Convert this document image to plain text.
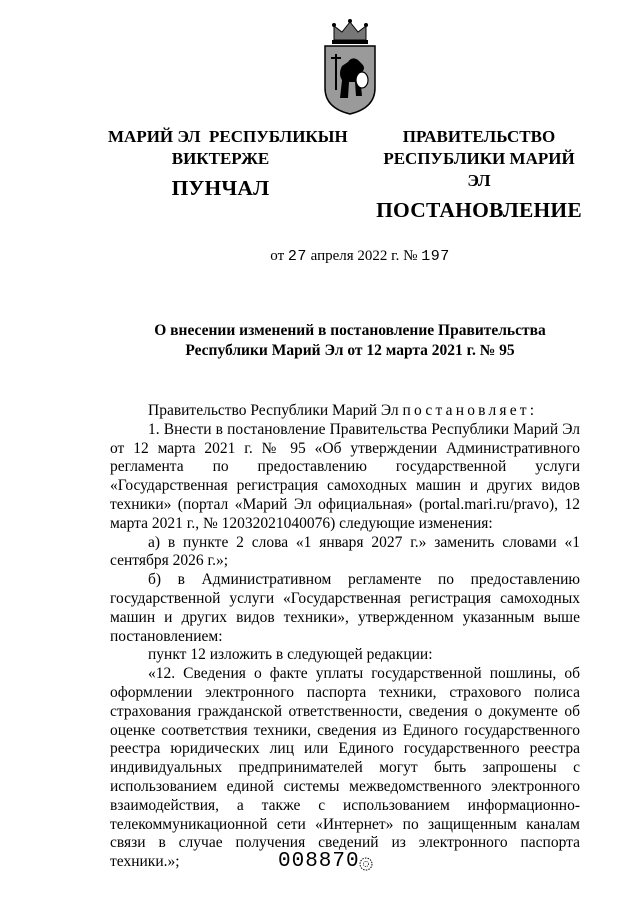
МАРИЙ ЭЛ  РЕСПУБЛИКЫН
ВИКТЕРЖЕ
ПУНЧАЛ
ПРАВИТЕЛЬСТВО
РЕСПУБЛИКИ МАРИЙ ЭЛ
ПОСТАНОВЛЕНИЕ
от 27 апреля 2022 г. № 197
О внесении изменений в постановление Правительства
Республики Марий Эл от 12 марта 2021 г. № 95

Правительство Республики Марий Эл постановляет:

1. Внести в постановление Правительства Республики Марий Эл от 12 марта 2021 г. № 95 «Об утверждении Административного регламента по предоставлению государственной услуги «Государственная регистрация самоходных машин и других видов техники» (портал «Марий Эл официальная» (portal.mari.ru/pravo), 12 марта 2021 г., № 12032021040076) следующие изменения:

а) в пункте 2 слова «1 января 2027 г.» заменить словами «1 сентября 2026 г.»;

б) в Административном регламенте по предоставлению государственной услуги «Государственная регистрация самоходных машин и других видов техники», утвержденном указанным выше постановлением:

пункт 12 изложить в следующей редакции:

«12. Сведения о факте уплаты государственной пошлины, об оформлении электронного паспорта техники, страхового полиса страхования гражданской ответственности, сведения о документе об оценке соответствия техники, сведения из Единого государственного реестра юридических лиц или Единого государственного реестра индивидуальных предпринимателей могут быть запрошены с использованием единой системы межведомственного электронного взаимодействия, а также с использованием информационно-телекоммуникационной сети «Интернет» по защищенным каналам связи в случае получения сведений из электронного паспорта техники.»;	008870
